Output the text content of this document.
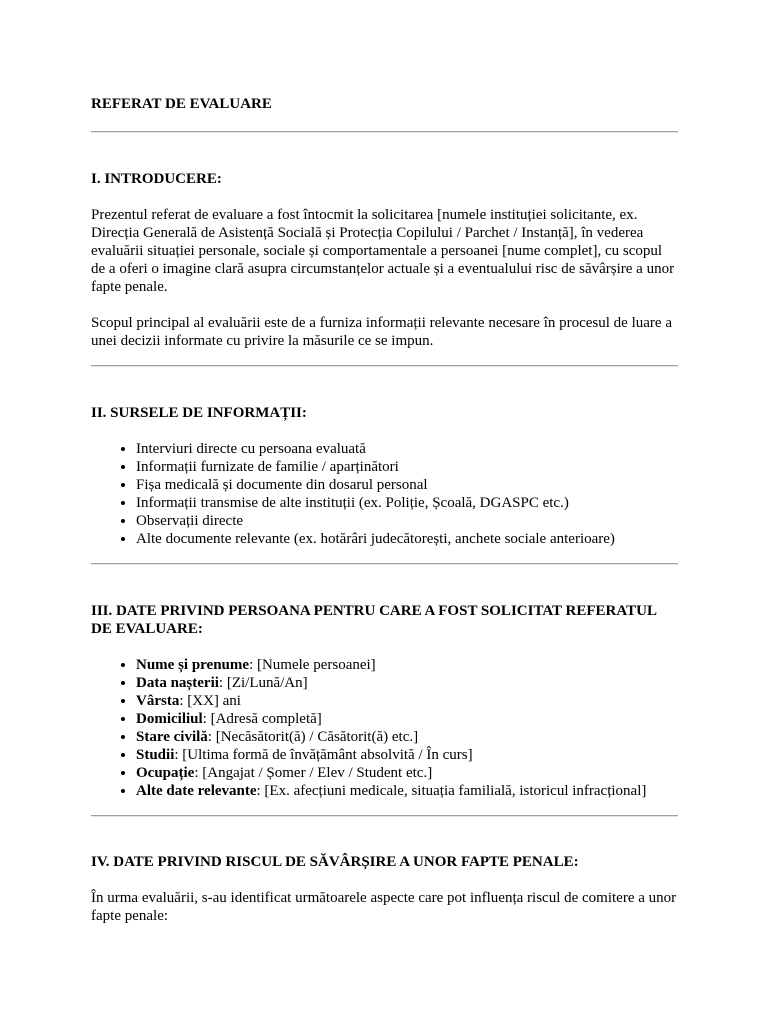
REFERAT DE EVALUARE
I. INTRODUCERE:

Prezentul referat de evaluare a fost întocmit la solicitarea [numele instituției solicitante, ex. Direcția Generală de Asistență Socială și Protecția Copilului / Parchet / Instanță], în vederea evaluării situației personale, sociale și comportamentale a persoanei [nume complet], cu scopul de a oferi o imagine clară asupra circumstanțelor actuale și a eventualului risc de săvârșire a unor fapte penale.

Scopul principal al evaluării este de a furniza informații relevante necesare în procesul de luare a unei decizii informate cu privire la măsurile ce se impun.

II. SURSELE DE INFORMAȚII:
• Interviuri directe cu persoana evaluată
• Informații furnizate de familie / aparținători
• Fișa medicală și documente din dosarul personal
• Informații transmise de alte instituții (ex. Poliție, Școală, DGASPC etc.)
• Observații directe
• Alte documente relevante (ex. hotărâri judecătorești, anchete sociale anterioare)
III. DATE PRIVIND PERSOANA PENTRU CARE A FOST SOLICITAT REFERATUL DE EVALUARE:
• Nume și prenume: [Numele persoanei]
• Data nașterii: [Zi/Lună/An]
• Vârsta: [XX] ani
• Domiciliul: [Adresă completă]
• Stare civilă: [Necăsătorit(ă) / Căsătorit(ă) etc.]
• Studii: [Ultima formă de învățământ absolvită / În curs]
• Ocupație: [Angajat / Șomer / Elev / Student etc.]
• Alte date relevante: [Ex. afecțiuni medicale, situația familială, istoricul infracțional]
IV. DATE PRIVIND RISCUL DE SĂVÂRȘIRE A UNOR FAPTE PENALE:

În urma evaluării, s-au identificat următoarele aspecte care pot influența riscul de comitere a unor fapte penale:
